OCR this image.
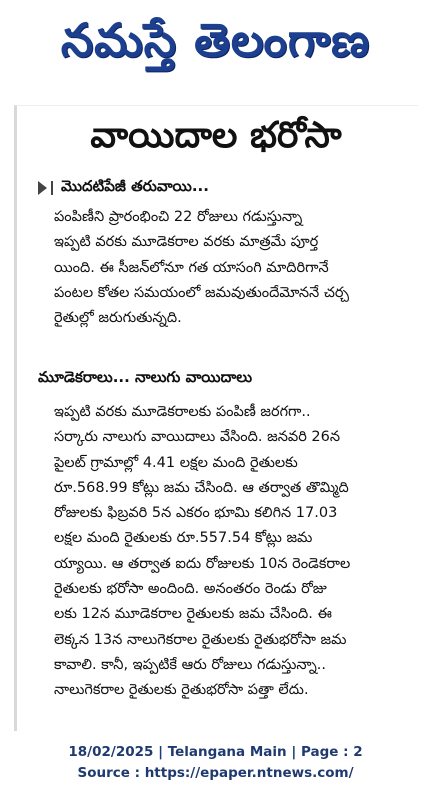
నమస్తే తెలంగాణ
వాయిదాల భరోసా
మొదటిపేజీ తరువాయి...
పంపిణీని ప్రారంభించి 22 రోజులు గడుస్తున్నా
ఇప్పటి వరకు మూడెకరాల వరకు మాత్రమే పూర్త
యింది. ఈ సీజన్‌లోనూ గత యాసంగి మాదిరిగానే
పంటల కోతల సమయంలో జమవుతుందేమోననే చర్చ
రైతుల్లో జరుగుతున్నది.
మూడెకరాలు... నాలుగు వాయిదాలు
ఇప్పటి వరకు మూడెకరాలకు పంపిణీ జరగగా..
సర్కారు నాలుగు వాయిదాలు వేసింది. జనవరి 26న
పైలట్ గ్రామాల్లో 4.41 లక్షల మంది రైతులకు
రూ.568.99 కోట్లు జమ చేసింది. ఆ తర్వాత తొమ్మిది
రోజులకు ఫిబ్రవరి 5న ఎకరం భూమి కలిగిన 17.03
లక్షల మంది రైతులకు రూ.557.54 కోట్లు జమ
య్యాయి. ఆ తర్వాత ఐదు రోజులకు 10న రెండెకరాల
రైతులకు భరోసా అందింది. అనంతరం రెండు రోజు
లకు 12న మూడెకరాల రైతులకు జమ చేసింది. ఈ
లెక్కన 13న నాలుగెకరాల రైతులకు రైతుభరోసా జమ
కావాలి. కానీ, ఇప్పటికే ఆరు రోజులు గడుస్తున్నా..
నాలుగెకరాల రైతులకు రైతుభరోసా పత్తా లేదు.
18/02/2025 | Telangana Main | Page : 2
Source : https://epaper.ntnews.com/
